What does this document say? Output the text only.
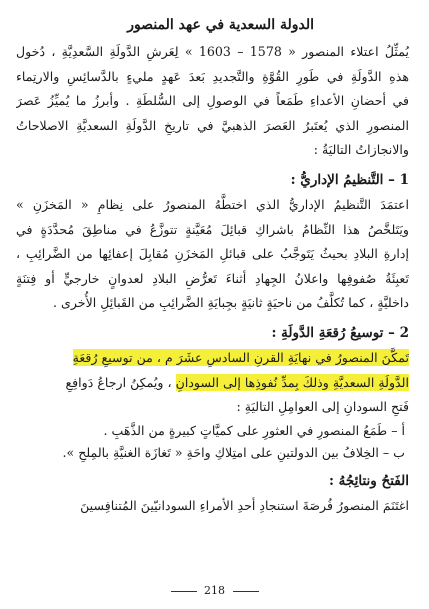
الدولة السعدية في عهد المنصور
يُمثِّلُ اعتلاء المنصور « 1578 – 1603 » لِعَرشِ الدَّولَةِ السَّعدِيَّةِ ، دُخول
هذهِ الدَّولَةِ في طَورِ القُوَّةِ والتَّجديدِ بَعدَ عَهدٍ مليءٍ بالدَّسائِسِ والارتِماء
في أحضانِ الأعداءِ طَمَعاً في الوصولِ إلى السُّلطَةِ . وأبرزُ ما يُميِّزُ عَصرَ
المنصورِ الذي يُعتَبرُ العَصرَ الذهبيَّ في تاريخِ الدَّولَةِ السعديَّةِ الاصلاحاتُ
والانجازاتُ التاليَةُ :
1 – التَّنظيمُ الإداريُّ :
اعتمَدَ التَّنظيمُ الإداريُّ الذي اختطَّهُ المنصورُ على نِظامِ « المَخزَنِ »
ويَتَلخَّصُ هذا النِّظامُ باشراكِ قبائِلَ مُعَيَّنةٍ تتوزَّعُ في مناطِقَ مُحدَّدَةٍ في
إدارةِ البلادِ بحيثُ يَتَوجَّبُ على قبائلِ المَخزَنِ مُقابِلَ إعفائِها من الضَّرائِبِ ،
تَعبِئَةُ صُفوفِها واعلانُ الجِهادِ أثناءَ تَعرُّضِ البلادِ لعدوانٍ خارجيٍّ أو فِتنَةٍ
داخليَّةٍ ، كما تُكلَّفُ من ناحيَةٍ ثانيَةٍ بجِبايَةِ الضَّرائِبِ من القَبائِلِ الأُخرى .
2 – توسيعُ رُقعَةِ الدَّولَةِ :
تَمكَّنَ المنصورُ في نهايَةِ القرنِ السادسِ عشَرَ م ، من توسيعِ رُقعَةِ
الدَّولَةِ السعديَّةِ وذلكَ بِمدِّ نُفوذِها إلى السودانِ ، ويُمكِنُ ارجاعُ دَوافِعِ
فَتحِ السودانِ إلى العوامِلِ التاليَةِ :
أ – طَمَعُ المنصورِ في العثورِ على كميَّاتٍ كبيرةٍ من الذَّهَبِ .
ب – الخِلافُ بين الدولتينِ على امتِلاكِ واحَةِ « تَغازَة الغنيَّةِ بالمِلحِ ».
الفَتحُ ونتائِجُهُ :
اغتَنَمَ المنصورُ فُرصَةَ استنجادِ أحدِ الأمراءِ السودانيّينَ المُتنافِسينَ
218
